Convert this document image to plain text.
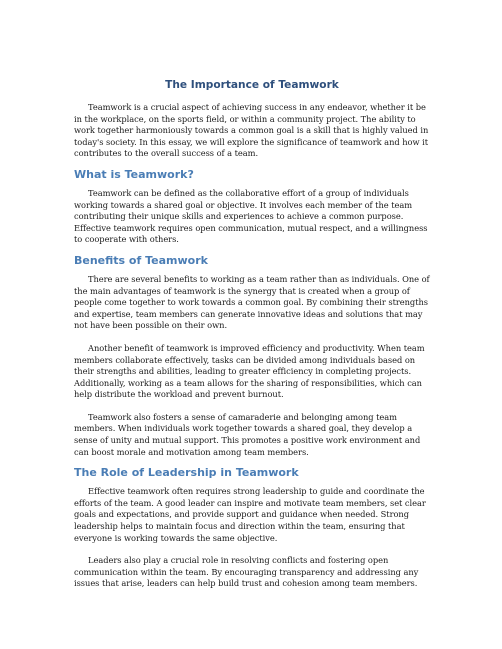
The Importance of Teamwork

Teamwork is a crucial aspect of achieving success in any endeavor, whether it be in the workplace, on the sports field, or within a community project. The ability to work together harmoniously towards a common goal is a skill that is highly valued in today's society. In this essay, we will explore the significance of teamwork and how it contributes to the overall success of a team.

What is Teamwork?

Teamwork can be defined as the collaborative effort of a group of individuals working towards a shared goal or objective. It involves each member of the team contributing their unique skills and experiences to achieve a common purpose. Effective teamwork requires open communication, mutual respect, and a willingness to cooperate with others.

Benefits of Teamwork

There are several benefits to working as a team rather than as individuals. One of the main advantages of teamwork is the synergy that is created when a group of people come together to work towards a common goal. By combining their strengths and expertise, team members can generate innovative ideas and solutions that may not have been possible on their own.

Another benefit of teamwork is improved efficiency and productivity. When team members collaborate effectively, tasks can be divided among individuals based on their strengths and abilities, leading to greater efficiency in completing projects. Additionally, working as a team allows for the sharing of responsibilities, which can help distribute the workload and prevent burnout.

Teamwork also fosters a sense of camaraderie and belonging among team members. When individuals work together towards a shared goal, they develop a sense of unity and mutual support. This promotes a positive work environment and can boost morale and motivation among team members.

The Role of Leadership in Teamwork

Effective teamwork often requires strong leadership to guide and coordinate the efforts of the team. A good leader can inspire and motivate team members, set clear goals and expectations, and provide support and guidance when needed. Strong leadership helps to maintain focus and direction within the team, ensuring that everyone is working towards the same objective.

Leaders also play a crucial role in resolving conflicts and fostering open communication within the team. By encouraging transparency and addressing any issues that arise, leaders can help build trust and cohesion among team members.
